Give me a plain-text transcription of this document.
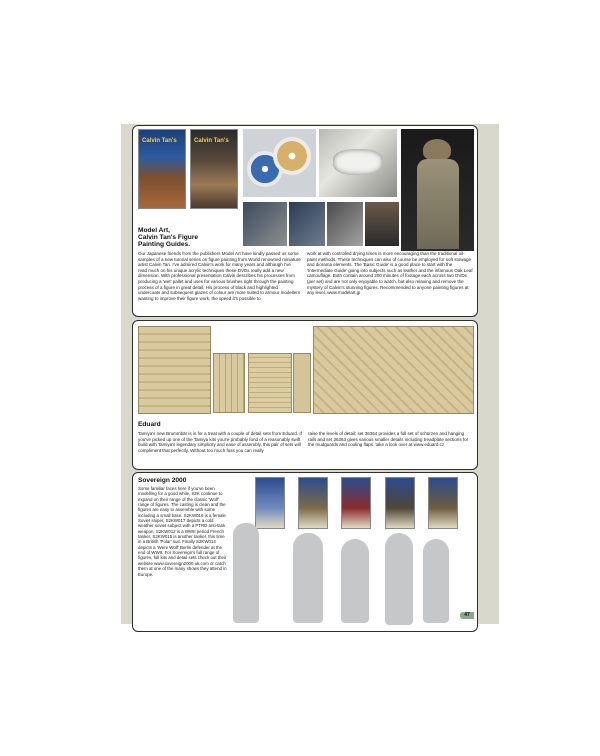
Calvin Tan's	Calvin Tan's
Model Art,
Calvin Tan's Figure
Painting Guides.
Our Japanese friends from the publishers Model Art have kindly passed us some samples of a new tutorial series on figure painting from World renowned miniature artist Calvin Tan. I've admired Calvin's work for many years and although I've read much on his unique acrylic techniques these DVDs really add a new dimension. With professional presentation Calvin describes his processes from producing a 'wet' pallet and uses for various brushes right through the painting process of a figure in great detail. His process of black and highlighted undercoats and subsequent glazes of colour are more suited to armour modellers wanting to improve their figure work, the speed it's possible to
work at with controlled drying times is more encouraging than the traditional oil-paint methods. These techniques can also of course be employed for soft stowage and diorama elements. The 'Basic Guide' is a good place to start with the 'Intermediate Guide' going into subjects such as leather and the infamous Oak Leaf camouflage. Both contain around 200 minutes of footage each across two DVDs (per set) and are not only enjoyable to watch, but also relaxing and remove the mystery of Calvin's stunning figures. Recommended to anyone painting figures at any level, www.modelart.jp
Eduard
Tamiya's new Brummbär is in for a treat with a couple of detail sets from Eduard. If you've picked up one of the Tamiya kits you're probably fond of a reasonably swift build with Tamiya's legendary simplicity and ease of assembly, this pair of sets will compliment that perfectly. Without too much fuss you can really
raise the levels of detail; set 36364 provides a full set of schürzen and hanging rails and set 36363 gives various smaller details including treadplate sections for the mudguards and cooling flaps. take a look over at www.eduard.cz
Sovereign 2000
Some familiar faces here if you've been modelling for a good while, S2K continue to expand on their range of the classic 'Wolf' range of figures. The casting is clean and the figures are easy to assemble with some including a small base. S2KW016 is a female Soviet sniper, S2KW017 depicts a cold weather soviet subject with a PTRD anti-tank weapon, S2KW012 is a WWII period French tanker, S2KW015 is another tanker, this time in a British 'Polar' suit. Finally S2KW014 depicts a 'Were Wolf' Berlin defender at the end of WWII. For Sovereign's full range of figures, full kits and detail sets check out their website www.sovereign2000.uk.com or catch them at one of the many shows they attend in Europe.
47
